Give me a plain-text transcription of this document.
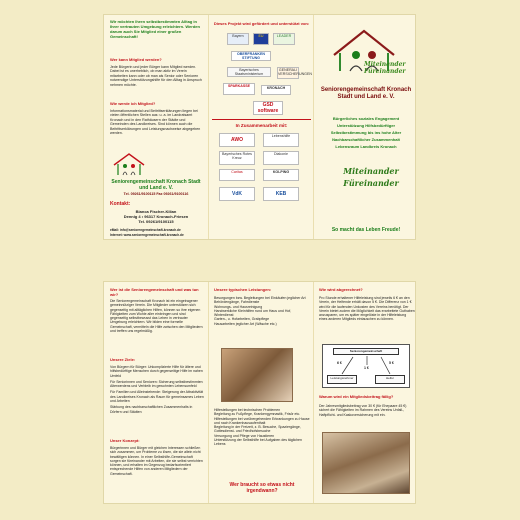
Wir möchten Ihren selbstbestimmten Alltag in Ihrer vertrauten Umgebung erleichtern. Werden darum auch Sie Mitglied einer großen Gemeinschaft!
Wer kann Mitglied werden?
Jede Bürgerin und jeder Bürger kann Mitglied werden. Dabei ist es unerheblich, ob man aktiv im Verein mitarbeiten kann oder ob man als Senior oder Senioren notwendige Unterstützungshilfe für den Alltag in Anspruch nehmen möchte.
Wie werde ich Mitglied?
Informationsmaterial und Beitrittserklärungen liegen bei vielen öffentlichen Stellen aus: u. a. im Landratsamt Kronach und in den Rathäusern der Städte und Gemeinden des Landkreises. Sind können auch die Beitrittserklärungen und Leistungsnachweise abgegeben werden.
Seniorengemeinschaft Kronach Stadt und Land e. V.
Tel. 09261/9100115 Fax 09261/9100116
Kontakt:
Bianca Fischer-Kilian
Dennig 4 • 96317 Kronach-Friesen
Tel. 09261/9100115
eMail: info@seniorengemeinschaft-kronach.de
Internet: www.seniorengemeinschaft-kronach.de
Dieses Projekt wird gefördert und unterstützt von:
Bayern	EU	LEADER
OBERFRANKEN STIFTUNG
Bayerisches Staatsministerium
GENERALI VERSICHERUNGEN
SPARKASSE	KRONACH
GSD software
In Zusammenarbeit mit:
AWO
Lebenshilfe
Bayerisches Rotes Kreuz
Diakonie
KOLPING
Caritas
VdK	KEB
Miteinander Füreinander
Seniorengemeinschaft Kronach Stadt und Land e. V.
Bürgerliches soziales Engagement
Unterstützung Hilfsbedürftiger
Selbstbestimmung bis ins hohe Alter
Nachbarschaftlicher Zusammenhalt
Lebensraum Landkreis Kronach
Miteinander Füreinander
So macht das Leben Freude!
Wer ist die Seniorengemeinschaft und was tun wir?
Die Seniorengemeinschaft Kronach ist ein eingetragener gemeinnütziger Verein. Die Mitglieder unterstützen sich gegenseitig mit alltäglichen Hilfen, können so ihre eigenen Fähigkeiten zum Wohle aller einbringen und sind gegenseitig selbstbewusst das Leben in vertrauter Umgebung erleichtern. Wir bilden eine formelle Gemeinschaft, vermitteln die Hilfe zwischen den Mitgliedern und treffen uns regelmäßig.
Unsere Ziele:
Von Bürgern für Bürger: Unkomplizierte Hilfe für ältere und hilfsbedürftige Menschen durch gegenseitige Hilfe im nahen Umfeld
Für Seniorinnen und Senioren: Sicherung selbstbestimmten Alterwerdens und Verbleib im gewohnten Lebensumfeld
Für Familien und Alleinstehende: Steigerung der Attraktivität des Landkreises Kronach als Raum für gemeinsames Leben und Arbeiten
Stärkung des nachbarschaftlichen Zusammenhalts in Dörfern und Städten
Unser Konzept:
Bürgerinnen und Bürger mit gleichen Interessen schließen sich zusammen, um Probleme zu lösen, die sie allein nicht bewältigen können. In einer Selbsthilfe-Gemeinschaft sorgen sie füreinander mit Arbeiten, die sie selbst verrichten können, und erhalten im Gegenzug bedarfsorientiert entsprechende Hilfen von anderen Mitgliedern der Gemeinschaft.
Unsere typischen Leistungen:
Besorgungen bzw. Begleitungen bei Einkäufen jeglicher Art
Behördengänge, Fahrdienste
Wohnungs- und Hausreinigung
Handwerkliche Kleinhilfen rund um Haus und Hof, Winterdienst
Garten-, u. Hofarbeiten, Grabpflege
Hausarbeiten jeglicher Art (Wäsche etc.)
Hilfestellungen bei technischen Problemen
Begleitung zu Fußpflege, Krankengymnastik, Frisör etc.
Hilfestellungen bei vorübergehenden Erkrankungen zu Hause und nach Krankenhausaufenthalt
Begleitung in der Freizeit, z. B. Besuche, Spaziergänge, Gottesdienst- und Friedhofsbesuche
Versorgung und Pflege von Haustieren
Unterstützung der Selbsthilfe bei Aufgaben des täglichen Lebens
Wer braucht so etwas nicht irgendwann?
Wie wird abgerechnet?
Pro Stunde erhaltener Hilfeleistung sind jeweils 6 € an den Verein, der Helfende erhält davon 5 €. Die Differenz von 1 € wird für die laufenden Unkosten des Vereins benötigt. Der Verein bietet zudem die Möglichkeit das erarbeitete Guthaben anzusparen, um es später eingelöste in der Hilfeleistung eines anderen Mitglieds eintauschen zu können.
Seniorengemeinschaft
Leistungsnehmer	Helfer
6 €	5 €
1 €
Warum wird ein Mitgliedsbeitrag fällig?
Der Jahresmitgliedsbeitrag von 30 € (für Ehepaare 45 €) sichert die Fähigkeiten im Rahmen des Vereins Unfall-, Haftpflicht- und Kaskoversicherung mit ein.
